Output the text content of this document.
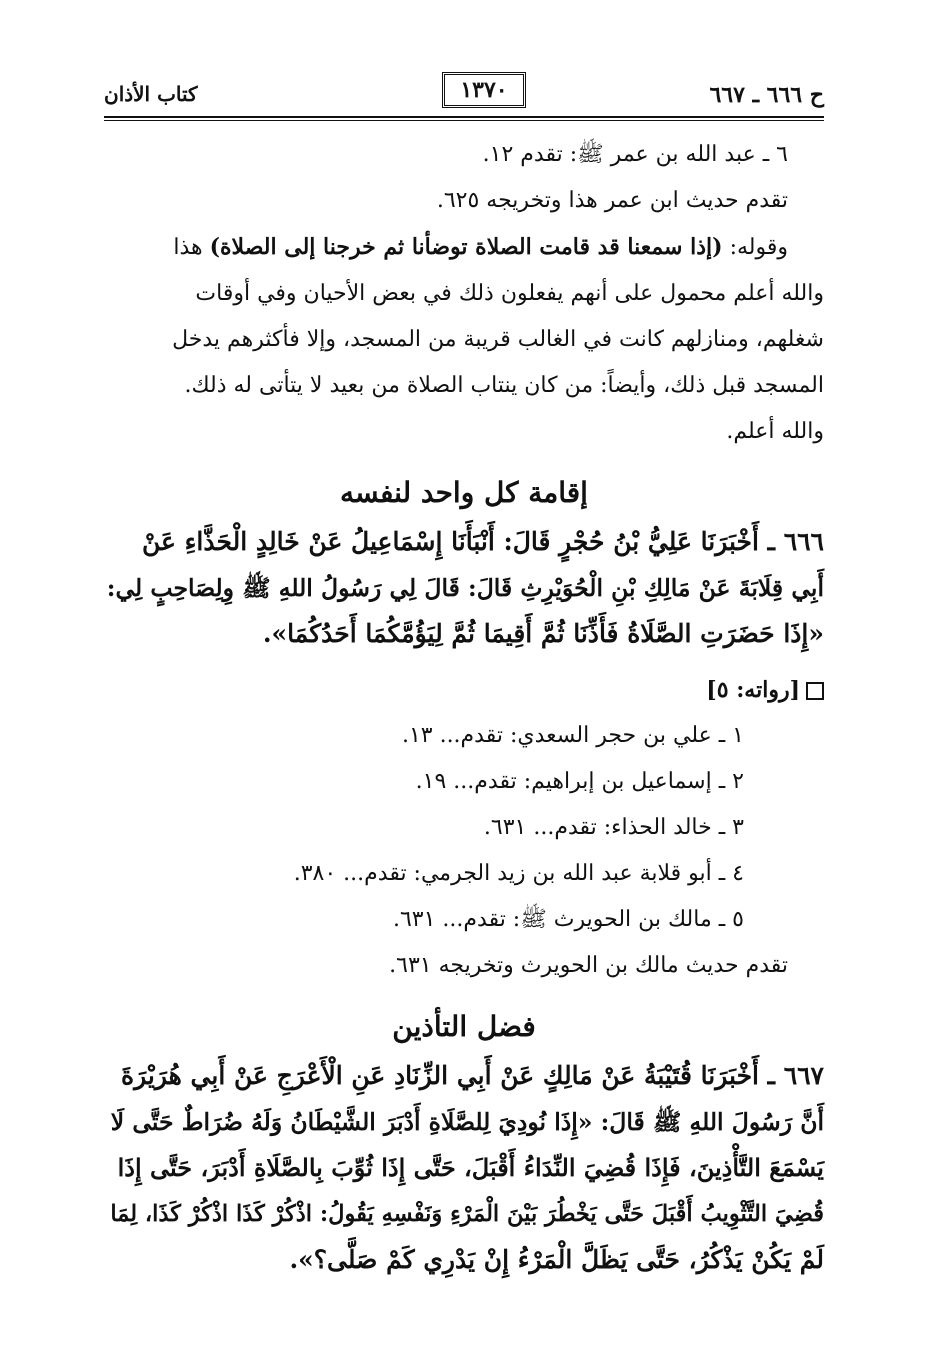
ح ٦٦٦ ـ ٦٦٧
١٣٧٠
كتاب الأذان
٦ ـ عبد الله بن عمر ﷺ: تقدم ١٢.
تقدم حديث ابن عمر هذا وتخريجه ٦٢٥.
وقوله: (إذا سمعنا قد قامت الصلاة توضأنا ثم خرجنا إلى الصلاة) هذا
والله أعلم محمول على أنهم يفعلون ذلك في بعض الأحيان وفي أوقات
شغلهم، ومنازلهم كانت في الغالب قريبة من المسجد، وإلا فأكثرهم يدخل
المسجد قبل ذلك، وأيضاً: من كان ينتاب الصلاة من بعيد لا يتأتى له ذلك.
والله أعلم.
إقامة كل واحد لنفسه
٦٦٦ ـ أَخْبَرَنَا عَلِيُّ بْنُ حُجْرٍ قَالَ: أَنْبَأَنَا إِسْمَاعِيلُ عَنْ خَالِدٍ الْحَذَّاءِ عَنْ
أَبِي قِلَابَةَ عَنْ مَالِكِ بْنِ الْحُوَيْرِثِ قَالَ: قَالَ لِي رَسُولُ اللهِ ﷺ وِلِصَاحِبٍ لِي:
«إِذَا حَضَرَتِ الصَّلَاةُ فَأَذِّنَا ثُمَّ أَقِيمَا ثُمَّ لِيَؤُمَّكُمَا أَحَدُكُمَا».
[رواته: ٥]
١ ـ علي بن حجر السعدي: تقدم... ١٣.
٢ ـ إسماعيل بن إبراهيم: تقدم... ١٩.
٣ ـ خالد الحذاء: تقدم... ٦٣١.
٤ ـ أبو قلابة عبد الله بن زيد الجرمي: تقدم... ٣٨٠.
٥ ـ مالك بن الحويرث ﷺ: تقدم... ٦٣١.
تقدم حديث مالك بن الحويرث وتخريجه ٦٣١.
فضل التأذين
٦٦٧ ـ أَخْبَرَنَا قُتَيْبَةُ عَنْ مَالِكٍ عَنْ أَبِي الزِّنَادِ عَنِ الْأَعْرَجِ عَنْ أَبِي هُرَيْرَةَ
أَنَّ رَسُولَ اللهِ ﷺ قَالَ: «إِذَا نُودِيَ لِلصَّلَاةِ أَدْبَرَ الشَّيْطَانُ وَلَهُ ضُرَاطٌ حَتَّى لَا
يَسْمَعَ التَّأْذِينَ، فَإِذَا قُضِيَ النِّدَاءُ أَقْبَلَ، حَتَّى إِذَا ثُوِّبَ بِالصَّلَاةِ أَدْبَرَ، حَتَّى إِذَا
قُضِيَ التَّثْوِيبُ أَقْبَلَ حَتَّى يَخْطُرَ بَيْنَ الْمَرْءِ وَنَفْسِهِ يَقُولُ: اذْكُرْ كَذَا اذْكُرْ كَذَا، لِمَا
لَمْ يَكُنْ يَذْكُرُ، حَتَّى يَظَلَّ الْمَرْءُ إِنْ يَدْرِي كَمْ صَلَّى؟».
